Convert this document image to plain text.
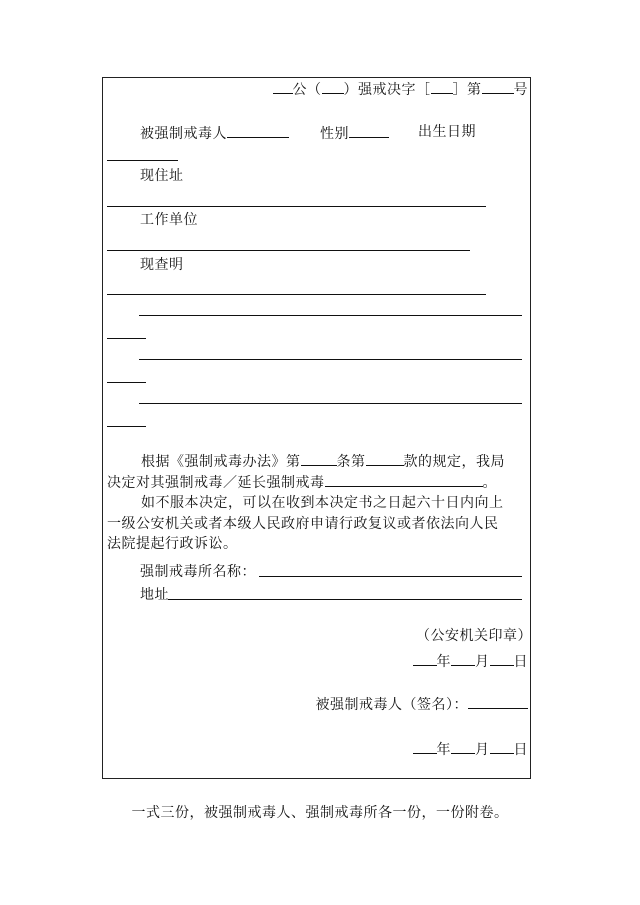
公（ ）强戒决字［ ］第 号
被强制戒毒人	性别	出生日期
现住址
工作单位
现查明
根据《强制戒毒办法》第	条第	款的规定，我局
决定对其强制戒毒／延长强制戒毒	。
如不服本决定，可以在收到本决定书之日起六十日内向上
一级公安机关或者本级人民政府申请行政复议或者依法向人民
法院提起行政诉讼。
强制戒毒所名称：
地址
（公安机关印章）
年 月 日
被强制戒毒人（签名）：
年 月 日
一式三份，被强制戒毒人、强制戒毒所各一份，一份附卷。
